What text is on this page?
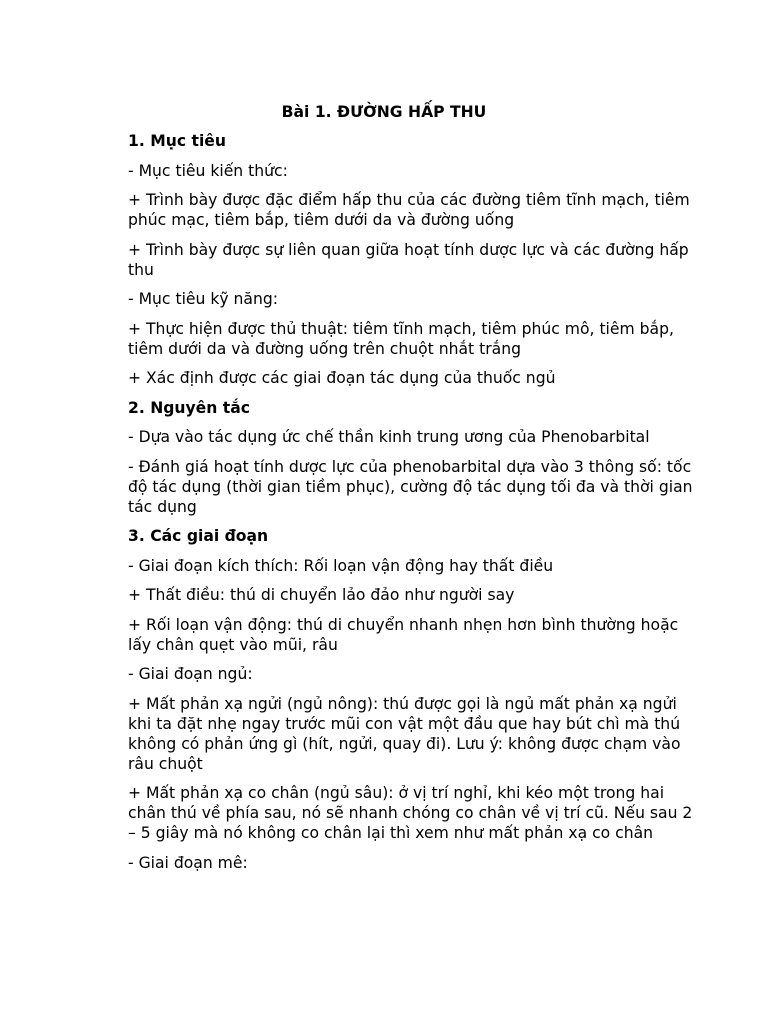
Bài 1. ĐƯỜNG HẤP THU

1. Mục tiêu

- Mục tiêu kiến thức:

+ Trình bày được đặc điểm hấp thu của các đường tiêm tĩnh mạch, tiêm phúc mạc, tiêm bắp, tiêm dưới da và đường uống

+ Trình bày được sự liên quan giữa hoạt tính dược lực và các đường hấp thu

- Mục tiêu kỹ năng:

+ Thực hiện được thủ thuật: tiêm tĩnh mạch, tiêm phúc mô, tiêm bắp, tiêm dưới da và đường uống trên chuột nhắt trắng

+ Xác định được các giai đoạn tác dụng của thuốc ngủ

2. Nguyên tắc

- Dựa vào tác dụng ức chế thần kinh trung ương của Phenobarbital

- Đánh giá hoạt tính dược lực của phenobarbital dựa vào 3 thông số: tốc độ tác dụng (thời gian tiềm phục), cường độ tác dụng tối đa và thời gian tác dụng

3. Các giai đoạn

- Giai đoạn kích thích: Rối loạn vận động hay thất điều

+ Thất điều: thú di chuyển lảo đảo như người say

+ Rối loạn vận động: thú di chuyển nhanh nhẹn hơn bình thường hoặc lấy chân quẹt vào mũi, râu

- Giai đoạn ngủ:

+ Mất phản xạ ngửi (ngủ nông): thú được gọi là ngủ mất phản xạ ngửi khi ta đặt nhẹ ngay trước mũi con vật một đầu que hay bút chì mà thú không có phản ứng gì (hít, ngửi, quay đi). Lưu ý: không được chạm vào râu chuột

+ Mất phản xạ co chân (ngủ sâu): ở vị trí nghỉ, khi kéo một trong hai chân thú về phía sau, nó sẽ nhanh chóng co chân về vị trí cũ. Nếu sau 2 – 5 giây mà nó không co chân lại thì xem như mất phản xạ co chân

- Giai đoạn mê:
